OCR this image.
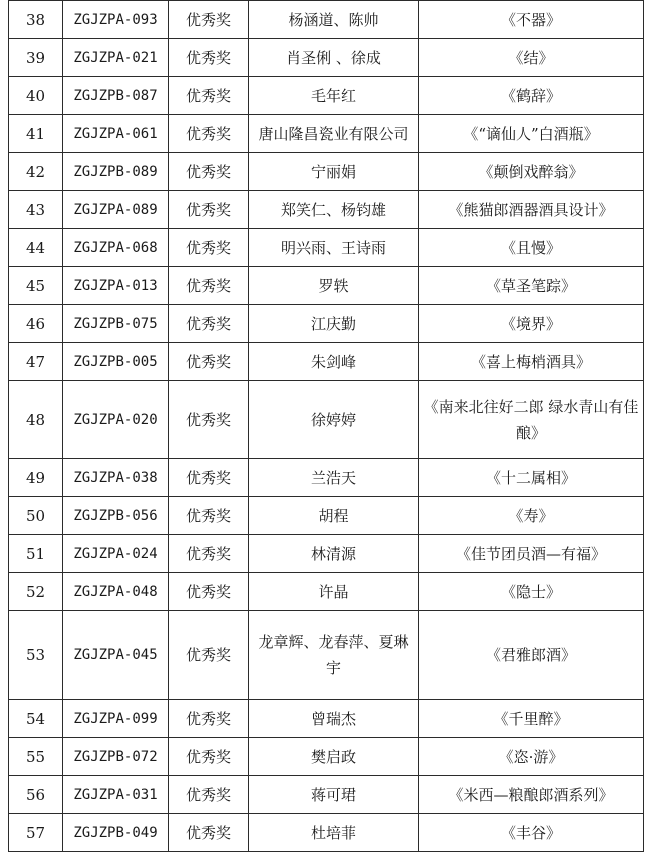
38	ZGJZPA-093	优秀奖	杨涵道、陈帅	《不器》
39	ZGJZPA-021	优秀奖	肖圣俐 、徐成	《结》
40	ZGJZPB-087	优秀奖	毛年红	《鹤辞》
41	ZGJZPA-061	优秀奖	唐山隆昌瓷业有限公司	《“谪仙人”白酒瓶》
42	ZGJZPB-089	优秀奖	宁丽娟	《颠倒戏醉翁》
43	ZGJZPA-089	优秀奖	郑笑仁、杨钧雄	《熊猫郎酒器酒具设计》
44	ZGJZPA-068	优秀奖	明兴雨、王诗雨	《且慢》
45	ZGJZPA-013	优秀奖	罗轶	《草圣笔踪》
46	ZGJZPB-075	优秀奖	江庆勤	《境界》
47	ZGJZPB-005	优秀奖	朱剑峰	《喜上梅梢酒具》
48	ZGJZPA-020	优秀奖	徐婷婷	《南来北往好二郎 绿水青山有佳酿》
49	ZGJZPA-038	优秀奖	兰浩天	《十二属相》
50	ZGJZPB-056	优秀奖	胡程	《寿》
51	ZGJZPA-024	优秀奖	林清源	《佳节团员酒—有福》
52	ZGJZPA-048	优秀奖	许晶	《隐士》
53	ZGJZPA-045	优秀奖	龙章辉、龙春萍、夏琳宇	《君雅郎酒》
54	ZGJZPA-099	优秀奖	曾瑞杰	《千里醉》
55	ZGJZPB-072	优秀奖	樊启政	《恣·游》
56	ZGJZPA-031	优秀奖	蒋可珺	《米西—粮酿郎酒系列》
57	ZGJZPB-049	优秀奖	杜培菲	《丰谷》
